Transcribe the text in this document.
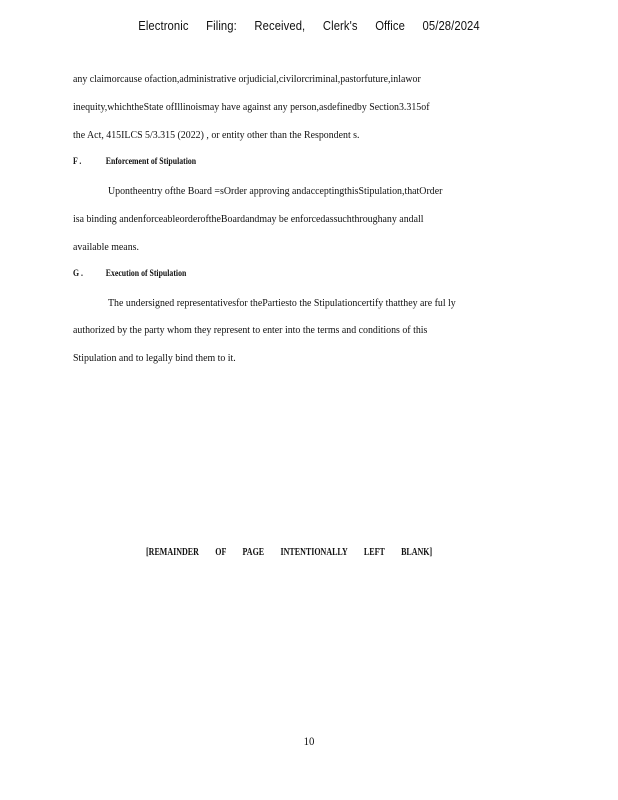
Electronic Filing: Received, Clerk's Office 05/28/2024
any claimorcause ofaction,administrative orjudicial,civilorcriminal,pastorfuture,inlawor
inequity,whichtheState ofIllinoismay have against any person,asdefinedby Section3.315of
the Act, 415ILCS 5/3.315 (2022) , or entity other than the Respondent s.
F .	Enforcement of Stipulation
Upontheentry ofthe Board =sOrder approving andacceptingthisStipulation,thatOrder
isa binding andenforceableorderoftheBoardandmay be enforcedassuchthroughany andall
available means.
G . Execution of Stipulation
The undersigned representativesfor thePartiesto the Stipulationcertify thatthey are ful ly
authorized by the party whom they represent to enter into the terms and conditions of this
Stipulation and to legally bind them to it.
[REMAINDER OF PAGE INTENTIONALLY LEFT BLANK]
10
